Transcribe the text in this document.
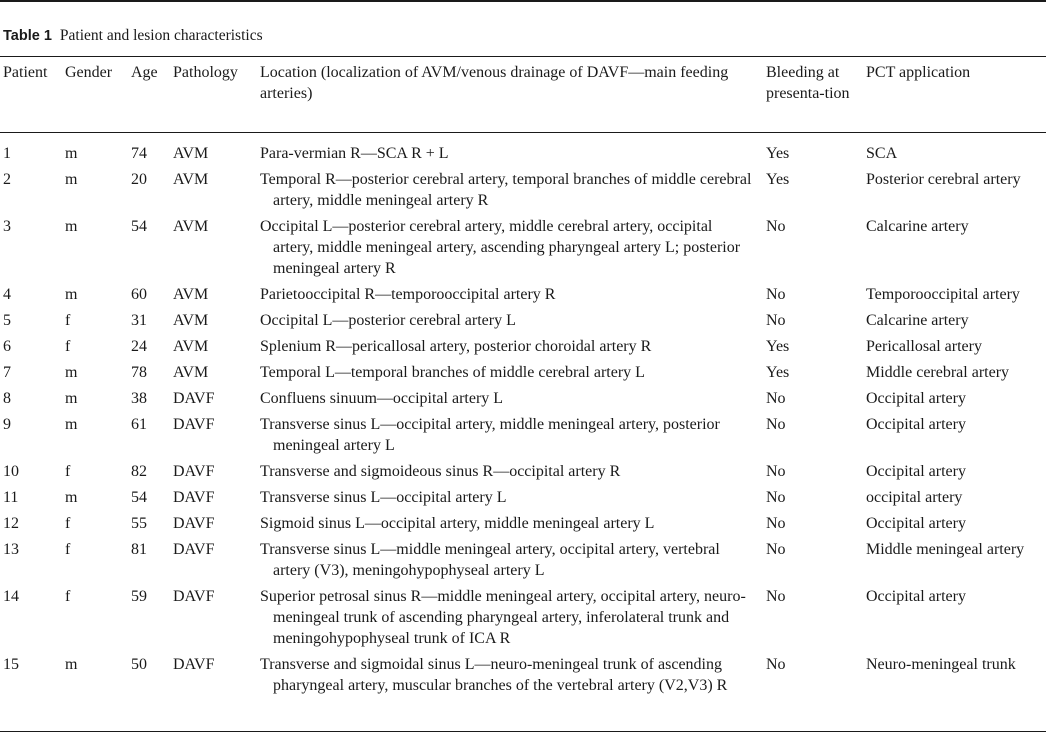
Table 1 Patient and lesion characteristics
Patient	Gender	Age	Pathology	Location (localization of AVM/venous drainage of DAVF—main feeding arteries)	Bleeding at presenta-tion	PCT application
1	m	74	AVM	Para-vermian R—SCA R + L	Yes	SCA
2	m	20	AVM	Temporal R—posterior cerebral artery, temporal branches of middle cerebral artery, middle meningeal artery R	Yes	Posterior cerebral artery
3	m	54	AVM	Occipital L—posterior cerebral artery, middle cerebral artery, occipital artery, middle meningeal artery, ascending pharyngeal artery L; posterior meningeal artery R	No	Calcarine artery
4	m	60	AVM	Parietooccipital R—temporooccipital artery R	No	Temporooccipital artery
5	f	31	AVM	Occipital L—posterior cerebral artery L	No	Calcarine artery
6	f	24	AVM	Splenium R—pericallosal artery, posterior choroidal artery R	Yes	Pericallosal artery
7	m	78	AVM	Temporal L—temporal branches of middle cerebral artery L	Yes	Middle cerebral artery
8	m	38	DAVF	Confluens sinuum—occipital artery L	No	Occipital artery
9	m	61	DAVF	Transverse sinus L—occipital artery, middle meningeal artery, posterior meningeal artery L	No	Occipital artery
10	f	82	DAVF	Transverse and sigmoideous sinus R—occipital artery R	No	Occipital artery
11	m	54	DAVF	Transverse sinus L—occipital artery L	No	occipital artery
12	f	55	DAVF	Sigmoid sinus L—occipital artery, middle meningeal artery L	No	Occipital artery
13	f	81	DAVF	Transverse sinus L—middle meningeal artery, occipital artery, vertebral artery (V3), meningohypophyseal artery L	No	Middle meningeal artery
14	f	59	DAVF	Superior petrosal sinus R—middle meningeal artery, occipital artery, neuro-meningeal trunk of ascending pharyngeal artery, inferolateral trunk and meningohypophyseal trunk of ICA R	No	Occipital artery
15	m	50	DAVF	Transverse and sigmoidal sinus L—neuro-meningeal trunk of ascending pharyngeal artery, muscular branches of the vertebral artery (V2,V3) R	No	Neuro-meningeal trunk
